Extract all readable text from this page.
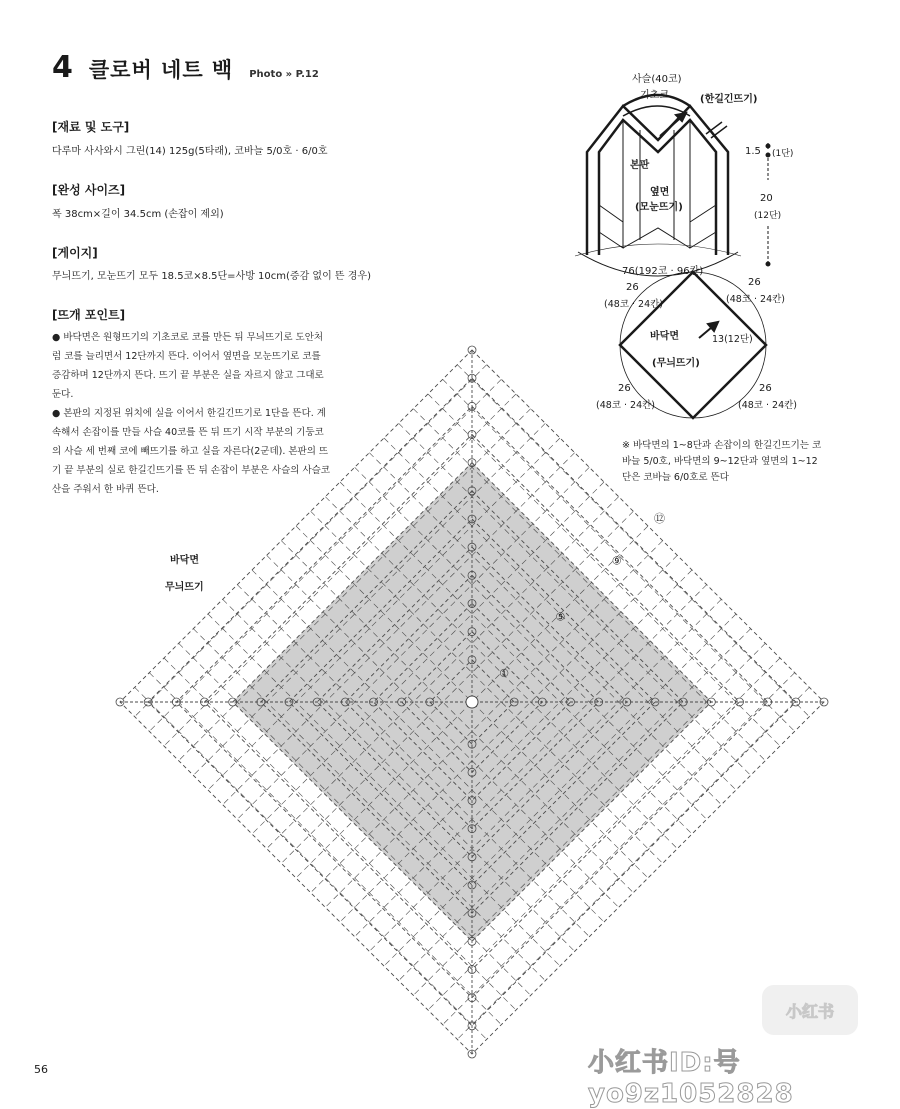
4 클로버 네트 백 Photo » P.12
[재료 및 도구]
다루마 사사와시 그린(14) 125g(5타래), 코바늘 5/0호 · 6/0호
[완성 사이즈]
폭 38cm×길이 34.5cm (손잡이 제외)
[게이지]
무늬뜨기, 모눈뜨기 모두 18.5코×8.5단=사방 10cm(증감 없이 뜬 경우)
[뜨개 포인트]

● 바닥면은 원형뜨기의 기초코로 코를 만든 뒤 무늬뜨기로 도안처럼 코를 늘리면서 12단까지 뜬다. 이어서 옆면을 모눈뜨기로 코를 증감하며 12단까지 뜬다. 뜨기 끝 부분은 실을 자르지 않고 그대로 둔다.

● 본판의 지정된 위치에 실을 이어서 한길긴뜨기로 1단을 뜬다. 계속해서 손잡이를 만들 사슬 40코를 뜬 뒤 뜨기 시작 부분의 기둥코의 사슬 세 번째 코에 빼뜨기를 하고 실을 자른다(2군데). 본판의 뜨기 끝 부분의 실로 한길긴뜨기를 뜬 뒤 손잡이 부분은 사슬의 사슬코 산을 주워서 한 바퀴 뜬다.

사슬(40코)
기초코	(한길긴뜨기)
본판
옆면
(모눈뜨기)
1.5 (1단)
20
(12단)
76(192코 · 96칸)
26
(48코 · 24칸)
26
(48코 · 24칸)
26
(48코 · 24칸)
26
(48코 · 24칸)
바닥면
(무늬뜨기)
13(12단)
※ 바닥면의 1~8단과 손잡이의 한길긴뜨기는 코바늘 5/0호, 바닥면의 9~12단과 옆면의 1~12단은 코바늘 6/0호로 뜬다
①
⑤
⑨
⑫
바닥면
무늬뜨기
56
小红书
小红书ID:号yo9z1052828
